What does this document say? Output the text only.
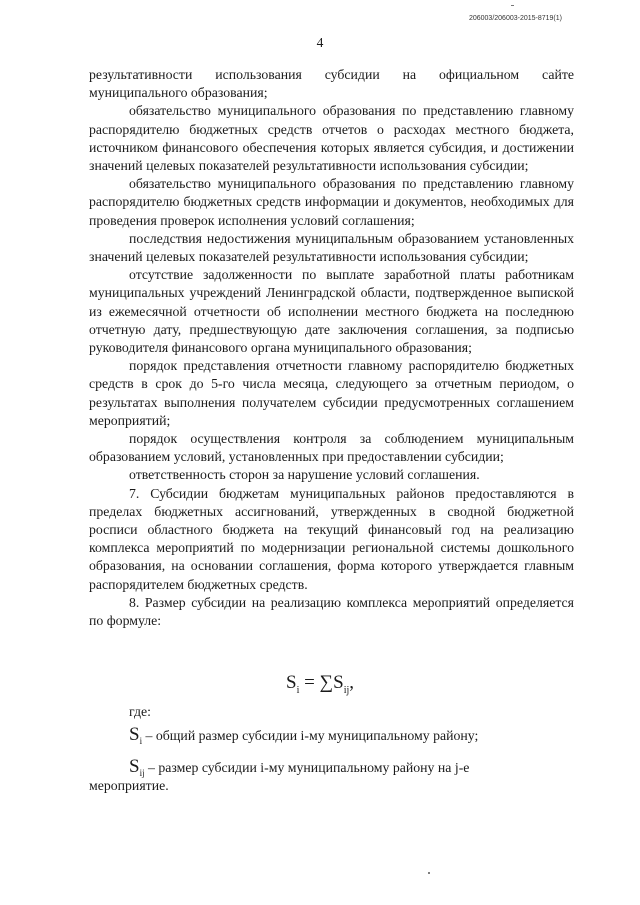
206003/206003-2015-8719(1)
4

результативности использования субсидии на официальном сайте муниципального образования;

обязательство муниципального образования по представлению главному распорядителю бюджетных средств отчетов о расходах местного бюджета, источником финансового обеспечения которых является субсидия, и достижении значений целевых показателей результативности использования субсидии;

обязательство муниципального образования по представлению главному распорядителю бюджетных средств информации и документов, необходимых для проведения проверок исполнения условий соглашения;

последствия недостижения муниципальным образованием установленных значений целевых показателей результативности использования субсидии;

отсутствие задолженности по выплате заработной платы работникам муниципальных учреждений Ленинградской области, подтвержденное выпиской из ежемесячной отчетности об исполнении местного бюджета на последнюю отчетную дату, предшествующую дате заключения соглашения, за подписью руководителя финансового органа муниципального образования;

порядок представления отчетности главному распорядителю бюджетных средств в срок до 5-го числа месяца, следующего за отчетным периодом, о результатах выполнения получателем субсидии предусмотренных соглашением мероприятий;

порядок осуществления контроля за соблюдением муниципальным образованием условий, установленных при предоставлении субсидии;

ответственность сторон за нарушение условий соглашения.

7. Субсидии бюджетам муниципальных районов предоставляются в пределах бюджетных ассигнований, утвержденных в сводной бюджетной росписи областного бюджета на текущий финансовый год на реализацию комплекса мероприятий по модернизации региональной системы дошкольного образования, на основании соглашения, форма которого утверждается главным распорядителем бюджетных средств.

8. Размер субсидии на реализацию комплекса мероприятий определяется по формуле:

$S_i = \sum S_{ij}$,
где:
$S_i$ – общий размер субсидии i-му муниципальному району;
$S_{ij}$ – размер субсидии i-му муниципальному району на j-е
мероприятие.
